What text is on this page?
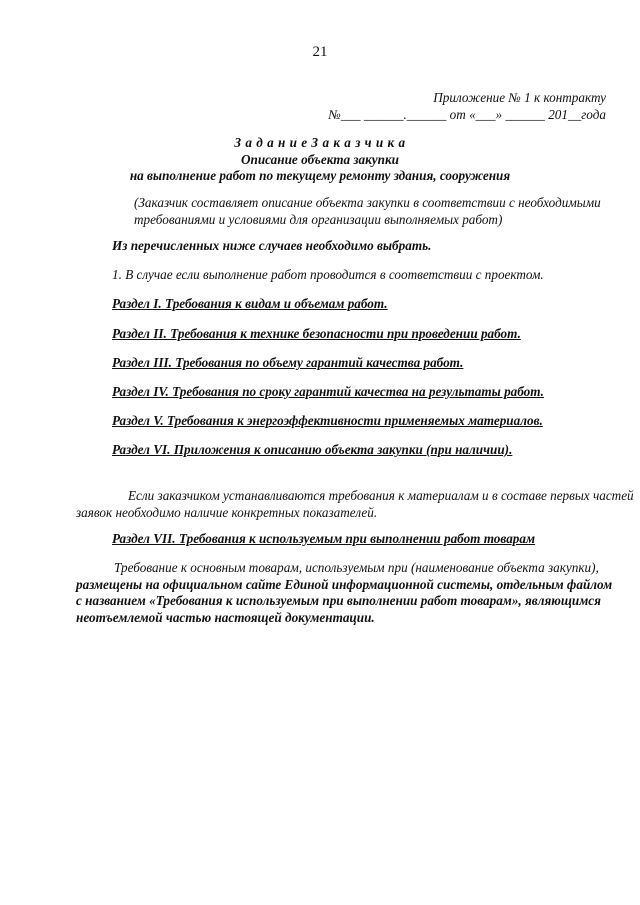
21
Приложение № 1 к контракту
№___ ______.______ от «___» ______ 201__года
З а д а н и е З а к а з ч и к а
Описание объекта закупки
на выполнение работ по текущему ремонту здания, сооружения
(Заказчик составляет описание объекта закупки в соответствии с необходимыми
требованиями и условиями для организации выполняемых работ)
Из перечисленных ниже случаев необходимо выбрать.
1. В случае если выполнение работ проводится в соответствии с проектом.
Раздел I. Требования к видам и объемам работ.
Раздел II. Требования к технике безопасности при проведении работ.
Раздел III. Требования по объему гарантий качества работ.
Раздел IV. Требования по сроку гарантий качества на результаты работ.
Раздел V. Требования к энергоэффективности применяемых материалов.
Раздел VI. Приложения к описанию объекта закупки (при наличии).
Если заказчиком устанавливаются требования к материалам и в составе первых частей
заявок необходимо наличие конкретных показателей.
Раздел VII. Требования к используемым при выполнении работ товарам
Требование к основным товарам, используемым при (наименование объекта закупки),
размещены на официальном сайте Единой информационной системы, отдельным файлом
с названием «Требования к используемым при выполнении работ товарам», являющимся
неотъемлемой частью настоящей документации.
